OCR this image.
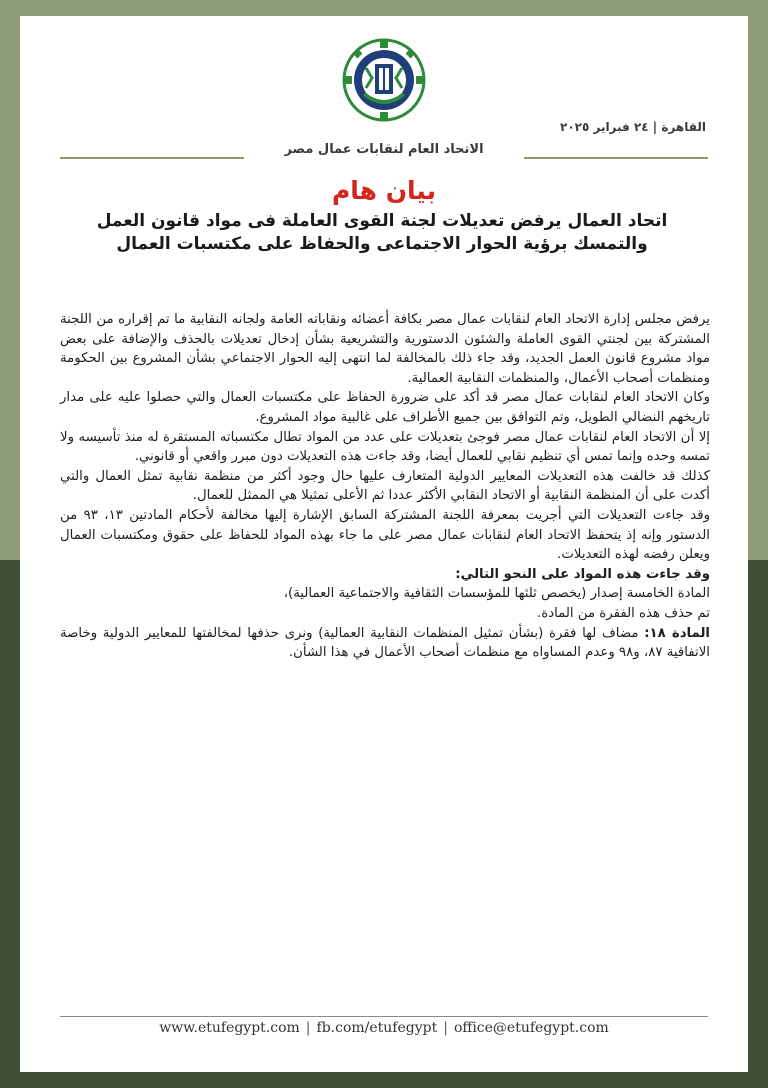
القاهرة | ٢٤ فبراير ٢٠٢٥
الاتحاد العام لنقابات عمال مصر
بيان هام
اتحاد العمال يرفض تعديلات لجنة القوى العاملة فى مواد قانون العمل والتمسك برؤية الحوار الاجتماعى والحفاظ على مكتسبات العمال

يرفض مجلس إدارة الاتحاد العام لنقابات عمال مصر بكافة أعضائه ونقاباته العامة ولجانه النقابية ما تم إقراره من اللجنة المشتركة بين لجنتي القوى العاملة والشئون الدستورية والتشريعية بشأن إدخال تعديلات بالحذف والإضافة على بعض مواد مشروع قانون العمل الجديد، وقد جاء ذلك بالمخالفة لما انتهى إليه الحوار الاجتماعي بشأن المشروع بين الحكومة ومنظمات أصحاب الأعمال، والمنظمات النقابية العمالية.

وكان الاتحاد العام لنقابات عمال مصر قد أكد على ضرورة الحفاظ على مكتسبات العمال والتي حصلوا عليه على مدار تاريخهم النضالي الطويل، وتم التوافق بين جميع الأطراف على غالبية مواد المشروع.

إلا أن الاتحاد العام لنقابات عمال مصر فوجئ بتعديلات على عدد من المواد تطال مكتسباته المستقرة له منذ تأسيسه ولا تمسه وحده وإنما تمس أي تنظيم نقابي للعمال أيضا، وقد جاءت هذه التعديلات دون مبرر واقعي أو قانوني.

كذلك قد خالفت هذه التعديلات المعايير الدولية المتعارف عليها حال وجود أكثر من منظمة نقابية تمثل العمال والتي أكدت على أن المنظمة النقابية أو الاتحاد النقابي الأكثر عددا ثم الأعلى تمثيلا هي الممثل للعمال.

وقد جاءت التعديلات التي أجريت بمعرفة اللجنة المشتركة السابق الإشارة إليها مخالفة لأحكام المادتين ١٣، ٩٣ من الدستور وإنه إذ يتحفظ الاتحاد العام لنقابات عمال مصر على ما جاء بهذه المواد للحفاظ على حقوق ومكتسبات العمال ويعلن رفضه لهذه التعديلات.

وقد جاءت هذه المواد على النحو التالي:

المادة الخامسة إصدار (يخصص ثلثها للمؤسسات الثقافية والاجتماعية العمالية)،

تم حذف هذه الفقرة من المادة.

المادة ١٨: مضاف لها فقرة (بشأن تمثيل المنظمات النقابية العمالية) ونرى حذفها لمخالفتها للمعايير الدولية وخاصة الاتفاقية ٨٧، و٩٨ وعدم المساواه مع منظمات أصحاب الأعمال في هذا الشأن.

www.etufegypt.com | fb.com/etufegypt | office@etufegypt.com
